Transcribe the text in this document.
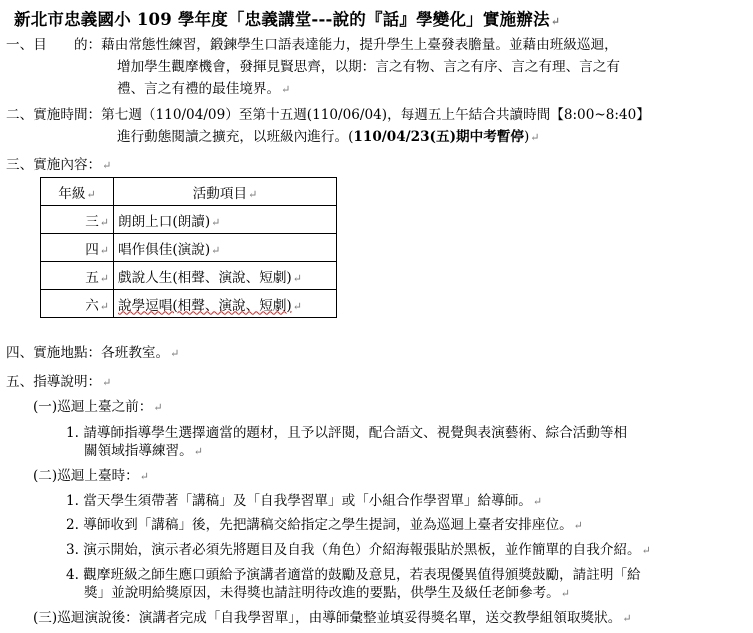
新北市忠義國小 109 學年度「忠義講堂---說的『話』學變化」實施辦法↵
一、目　　的：藉由常態性練習，鍛鍊學生口語表達能力，提升學生上臺發表膽量。並藉由班級巡迴，
增加學生觀摩機會，發揮見賢思齊，以期：言之有物、言之有序、言之有理、言之有
禮、言之有禮的最佳境界。↵
二、實施時間：第七週（110/04/09）至第十五週(110/06/04)，每週五上午結合共讀時間【8:00~8:40】
進行動態閱讀之擴充，以班級內進行。(110/04/23(五)期中考暫停)↵
三、實施內容：↵
年級↵	活動項目↵
三↵	朗朗上口(朗讀)↵
四↵	唱作俱佳(演說)↵
五↵	戲說人生(相聲、演說、短劇)↵
六↵	說學逗唱(相聲、演說、短劇)↵
四、實施地點：各班教室。↵
五、指導說明：↵
(一)巡迴上臺之前：↵
1. 請導師指導學生選擇適當的題材，且予以評閱，配合語文、視覺與表演藝術、綜合活動等相
關領域指導練習。↵
(二)巡迴上臺時：↵
1. 當天學生須帶著「講稿」及「自我學習單」或「小組合作學習單」給導師。↵
2. 導師收到「講稿」後，先把講稿交給指定之學生提詞，並為巡迴上臺者安排座位。↵
3. 演示開始，演示者必須先將題目及自我（角色）介紹海報張貼於黑板，並作簡單的自我介紹。↵
4. 觀摩班級之師生應口頭給予演講者適當的鼓勵及意見，若表現優異值得頒獎鼓勵，請註明「給
獎」並說明給獎原因，未得獎也請註明待改進的要點，供學生及級任老師參考。↵
(三)巡迴演說後：演講者完成「自我學習單」，由導師彙整並填妥得獎名單，送交教學組領取獎狀。↵
